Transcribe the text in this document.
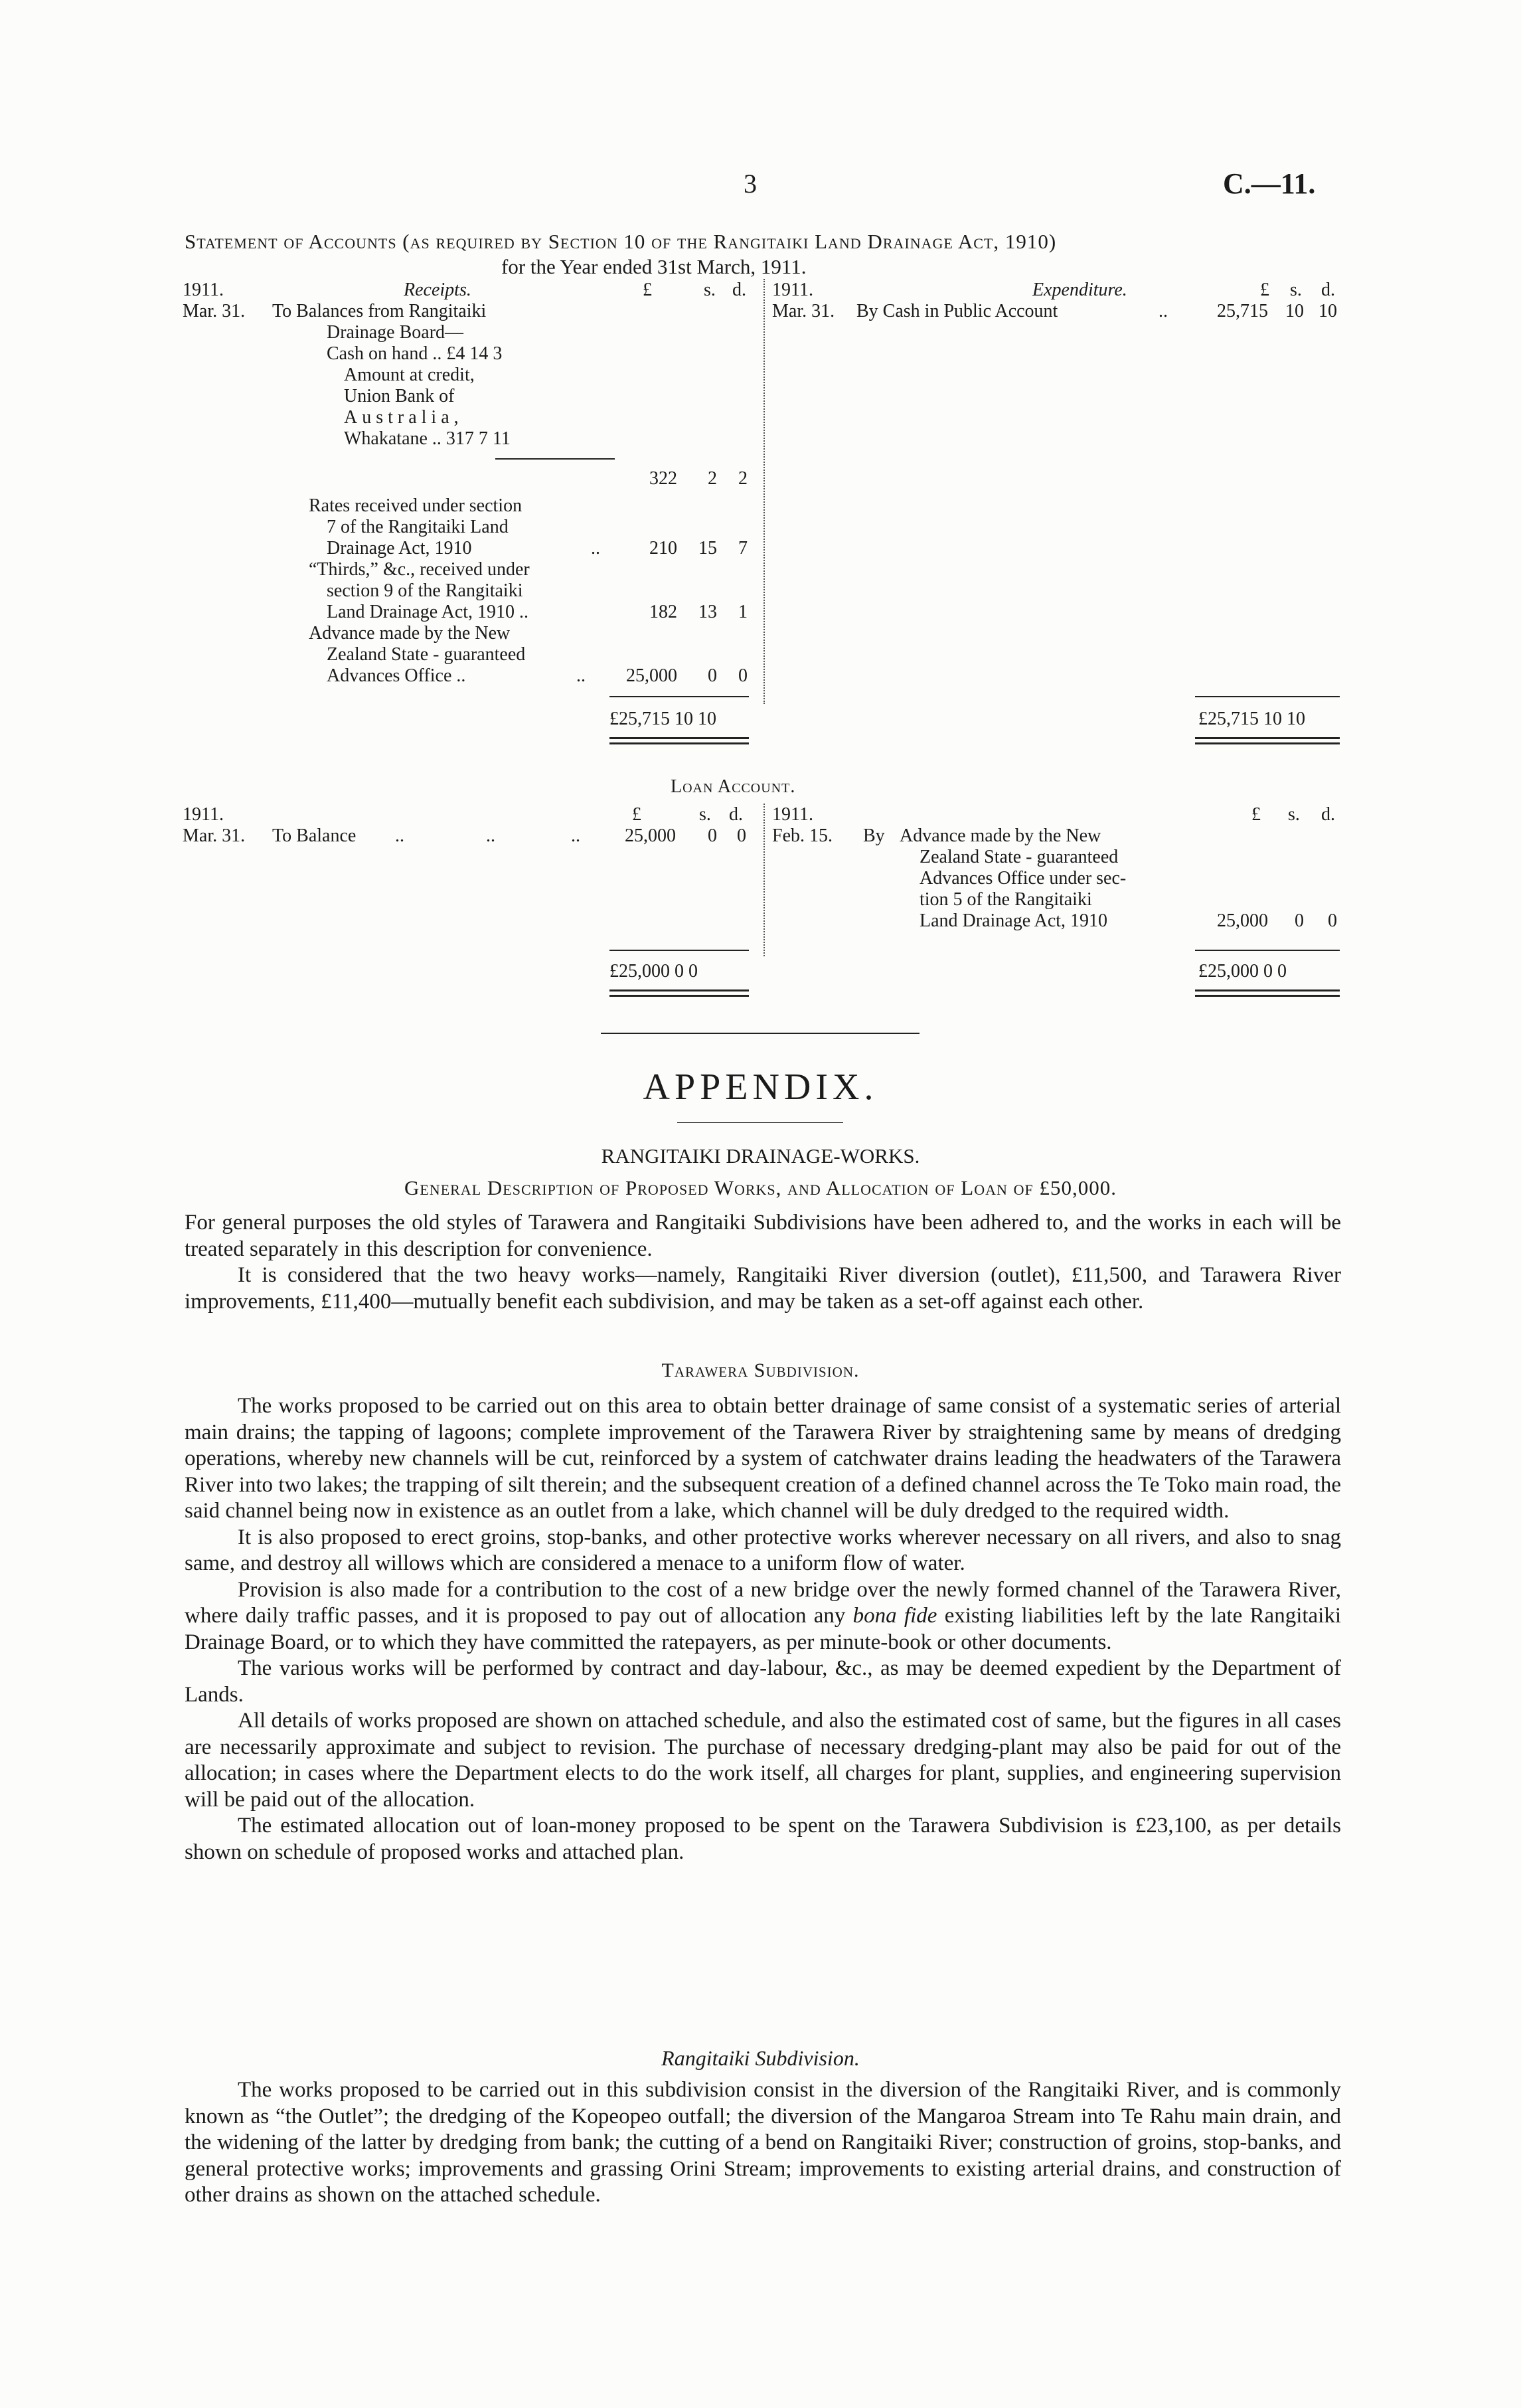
3	C.—11.
Statement of Accounts (as required by Section 10 of the Rangitaiki Land Drainage Act, 1910)
for the Year ended 31st March, 1911.
1911.	Receipts.	£	s. d.
Mar. 31. To Balances from Rangitaiki
Drainage Board—
Cash on hand .. £4 14 3
Amount at credit,
Union Bank of
Australia,
Whakatane .. 317 7 11
322	2	2
Rates received under section
7 of the Rangitaiki Land
Drainage Act, 1910	..	210	15	7
“Thirds,” &c., received under
section 9 of the Rangitaiki
Land Drainage Act, 1910 ..	182	13	1
Advance made by the New
Zealand State - guaranteed
Advances Office ..	..	25,000	0	0
£25,715 10 10
1911.	Expenditure.	£ s. d.
Mar. 31. By Cash in Public Account	..	25,715 10 10
£25,715 10 10
Loan Account.
1911.	£	s. d.
Mar. 31. To Balance ..	..	..	25,000	0	0
£25,000 0 0
1911.	£ s. d.
Feb. 15. By Advance made by the New
Zealand State - guaranteed
Advances Office under sec-
tion 5 of the Rangitaiki
Land Drainage Act, 1910	25,000	0	0
£25,000 0 0
APPENDIX.
RANGITAIKI DRAINAGE-WORKS.
General Description of Proposed Works, and Allocation of Loan of £50,000.

For general purposes the old styles of Tarawera and Rangitaiki Subdivisions have been adhered to, and the works in each will be treated separately in this description for convenience.

It is considered that the two heavy works—namely, Rangitaiki River diversion (outlet), £11,500, and Tarawera River improvements, £11,400—mutually benefit each subdivision, and may be taken as a set-off against each other.

Tarawera Subdivision.

The works proposed to be carried out on this area to obtain better drainage of same consist of a systematic series of arterial main drains; the tapping of lagoons; complete improvement of the Tarawera River by straightening same by means of dredging operations, whereby new channels will be cut, reinforced by a system of catchwater drains leading the headwaters of the Tarawera River into two lakes; the trapping of silt therein; and the subsequent creation of a defined channel across the Te Toko main road, the said channel being now in existence as an outlet from a lake, which channel will be duly dredged to the required width.

It is also proposed to erect groins, stop-banks, and other protective works wherever necessary on all rivers, and also to snag same, and destroy all willows which are considered a menace to a uniform flow of water.

Provision is also made for a contribution to the cost of a new bridge over the newly formed channel of the Tarawera River, where daily traffic passes, and it is proposed to pay out of allocation any bona fide existing liabilities left by the late Rangitaiki Drainage Board, or to which they have committed the ratepayers, as per minute-book or other documents.

The various works will be performed by contract and day-labour, &c., as may be deemed expedient by the Department of Lands.

All details of works proposed are shown on attached schedule, and also the estimated cost of same, but the figures in all cases are necessarily approximate and subject to revision. The purchase of necessary dredging-plant may also be paid for out of the allocation; in cases where the Department elects to do the work itself, all charges for plant, supplies, and engineering supervision will be paid out of the allocation.

The estimated allocation out of loan-money proposed to be spent on the Tarawera Subdivision is £23,100, as per details shown on schedule of proposed works and attached plan.

Rangitaiki Subdivision.

The works proposed to be carried out in this subdivision consist in the diversion of the Rangitaiki River, and is commonly known as “the Outlet”; the dredging of the Kopeopeo outfall; the diversion of the Mangaroa Stream into Te Rahu main drain, and the widening of the latter by dredging from bank; the cutting of a bend on Rangitaiki River; construction of groins, stop-banks, and general protective works; improvements and grassing Orini Stream; improvements to existing arterial drains, and construction of other drains as shown on the attached schedule.
